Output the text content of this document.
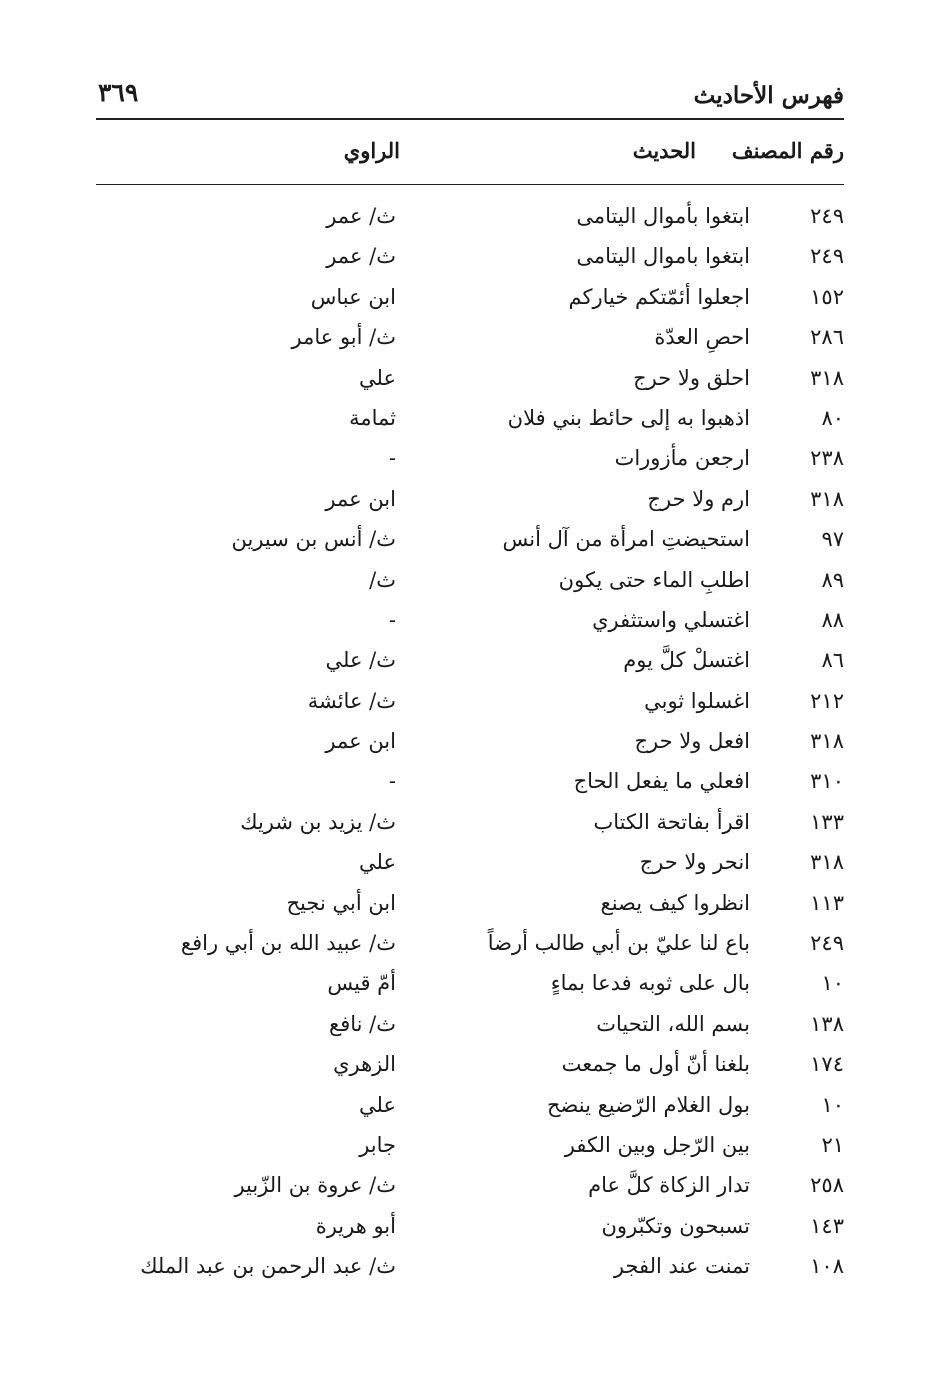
فهرس الأحاديث
٣٦٩
رقم المصنف
الحديث
الراوي
٢٤٩
ابتغوا بأموال اليتامى
ث/ عمر
٢٤٩
ابتغوا باموال اليتامى
ث/ عمر
١٥٢
اجعلوا أئمّتكم خياركم
ابن عباس
٢٨٦
احصِ العدّة
ث/ أبو عامر
٣١٨
احلق ولا حرج
علي
٨٠
اذهبوا به إلى حائط بني فلان
ثمامة
٢٣٨
ارجعن مأزورات
-
٣١٨
ارم ولا حرج
ابن عمر
٩٧
استحيضتِ امرأة من آل أنس
ث/ أنس بن سيرين
٨٩
اطلبِ الماء حتى يكون
ث/
٨٨
اغتسلي واستثفري
-
٨٦
اغتسلْ كلَّ يوم
ث/ علي
٢١٢
اغسلوا ثوبي
ث/ عائشة
٣١٨
افعل ولا حرج
ابن عمر
٣١٠
افعلي ما يفعل الحاج
-
١٣٣
اقرأ بفاتحة الكتاب
ث/ يزيد بن شريك
٣١٨
انحر ولا حرج
علي
١١٣
انظروا كيف يصنع
ابن أبي نجيح
٢٤٩
باع لنا عليّ بن أبي طالب أرضاً
ث/ عبيد الله بن أبي رافع
١٠
بال على ثوبه فدعا بماءٍ
أمّ قيس
١٣٨
بسم الله، التحيات
ث/ نافع
١٧٤
بلغنا أنّ أول ما جمعت
الزهري
١٠
بول الغلام الرّضيع ينضح
علي
٢١
بين الرّجل وبين الكفر
جابر
٢٥٨
تدار الزكاة كلَّ عام
ث/ عروة بن الزّبير
١٤٣
تسبحون وتكبّرون
أبو هريرة
١٠٨
تمنت عند الفجر
ث/ عبد الرحمن بن عبد الملك
